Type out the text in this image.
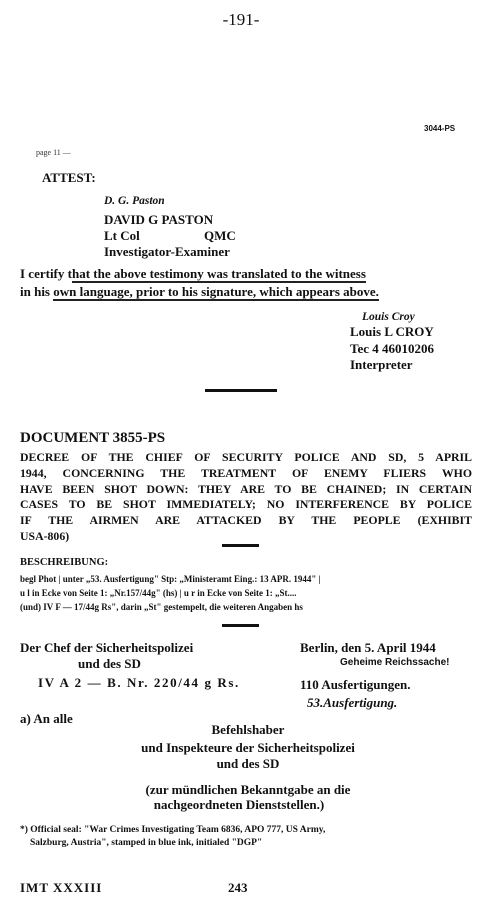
-191-
3044-PS
page 11 —
ATTEST:
D. G. Paston
DAVID G PASTON
Lt Col	QMC
Investigator-Examiner
I certify that the above testimony was translated to the witness
in his own language, prior to his signature, which appears above.
Louis Croy
Louis L CROY
Tec 4 46010206
Interpreter
DOCUMENT 3855-PS
DECREE OF THE CHIEF OF SECURITY POLICE AND SD, 5 APRIL
1944, CONCERNING THE TREATMENT OF ENEMY FLIERS WHO
HAVE BEEN SHOT DOWN: THEY ARE TO BE CHAINED; IN CERTAIN
CASES TO BE SHOT IMMEDIATELY; NO INTERFERENCE BY POLICE
IF THE AIRMEN ARE ATTACKED BY THE PEOPLE (EXHIBIT
USA-806)
BESCHREIBUNG:
begl Phot | unter „53. Ausfertigung" Stp: „Ministeramt Eing.: 13 APR. 1944" |
u l in Ecke von Seite 1: „Nr.157/44g" (hs) | u r in Ecke von Seite 1: „St....
(und) IV F — 17/44g Rs", darin „St" gestempelt, die weiteren Angaben hs
Der Chef der Sicherheitspolizei
und des SD
IV A 2 — B. Nr. 220/44 g Rs.
Berlin, den 5. April 1944
Geheime Reichssache!
110 Ausfertigungen.
53.Ausfertigung.
a) An alle
Befehlshaber
und Inspekteure der Sicherheitspolizei
und des SD
(zur mündlichen Bekanntgabe an die
nachgeordneten Dienststellen.)
*) Official seal: "War Crimes Investigating Team 6836, APO 777, US Army,
Salzburg, Austria", stamped in blue ink, initialed "DGP"
IMT XXXIII	243
